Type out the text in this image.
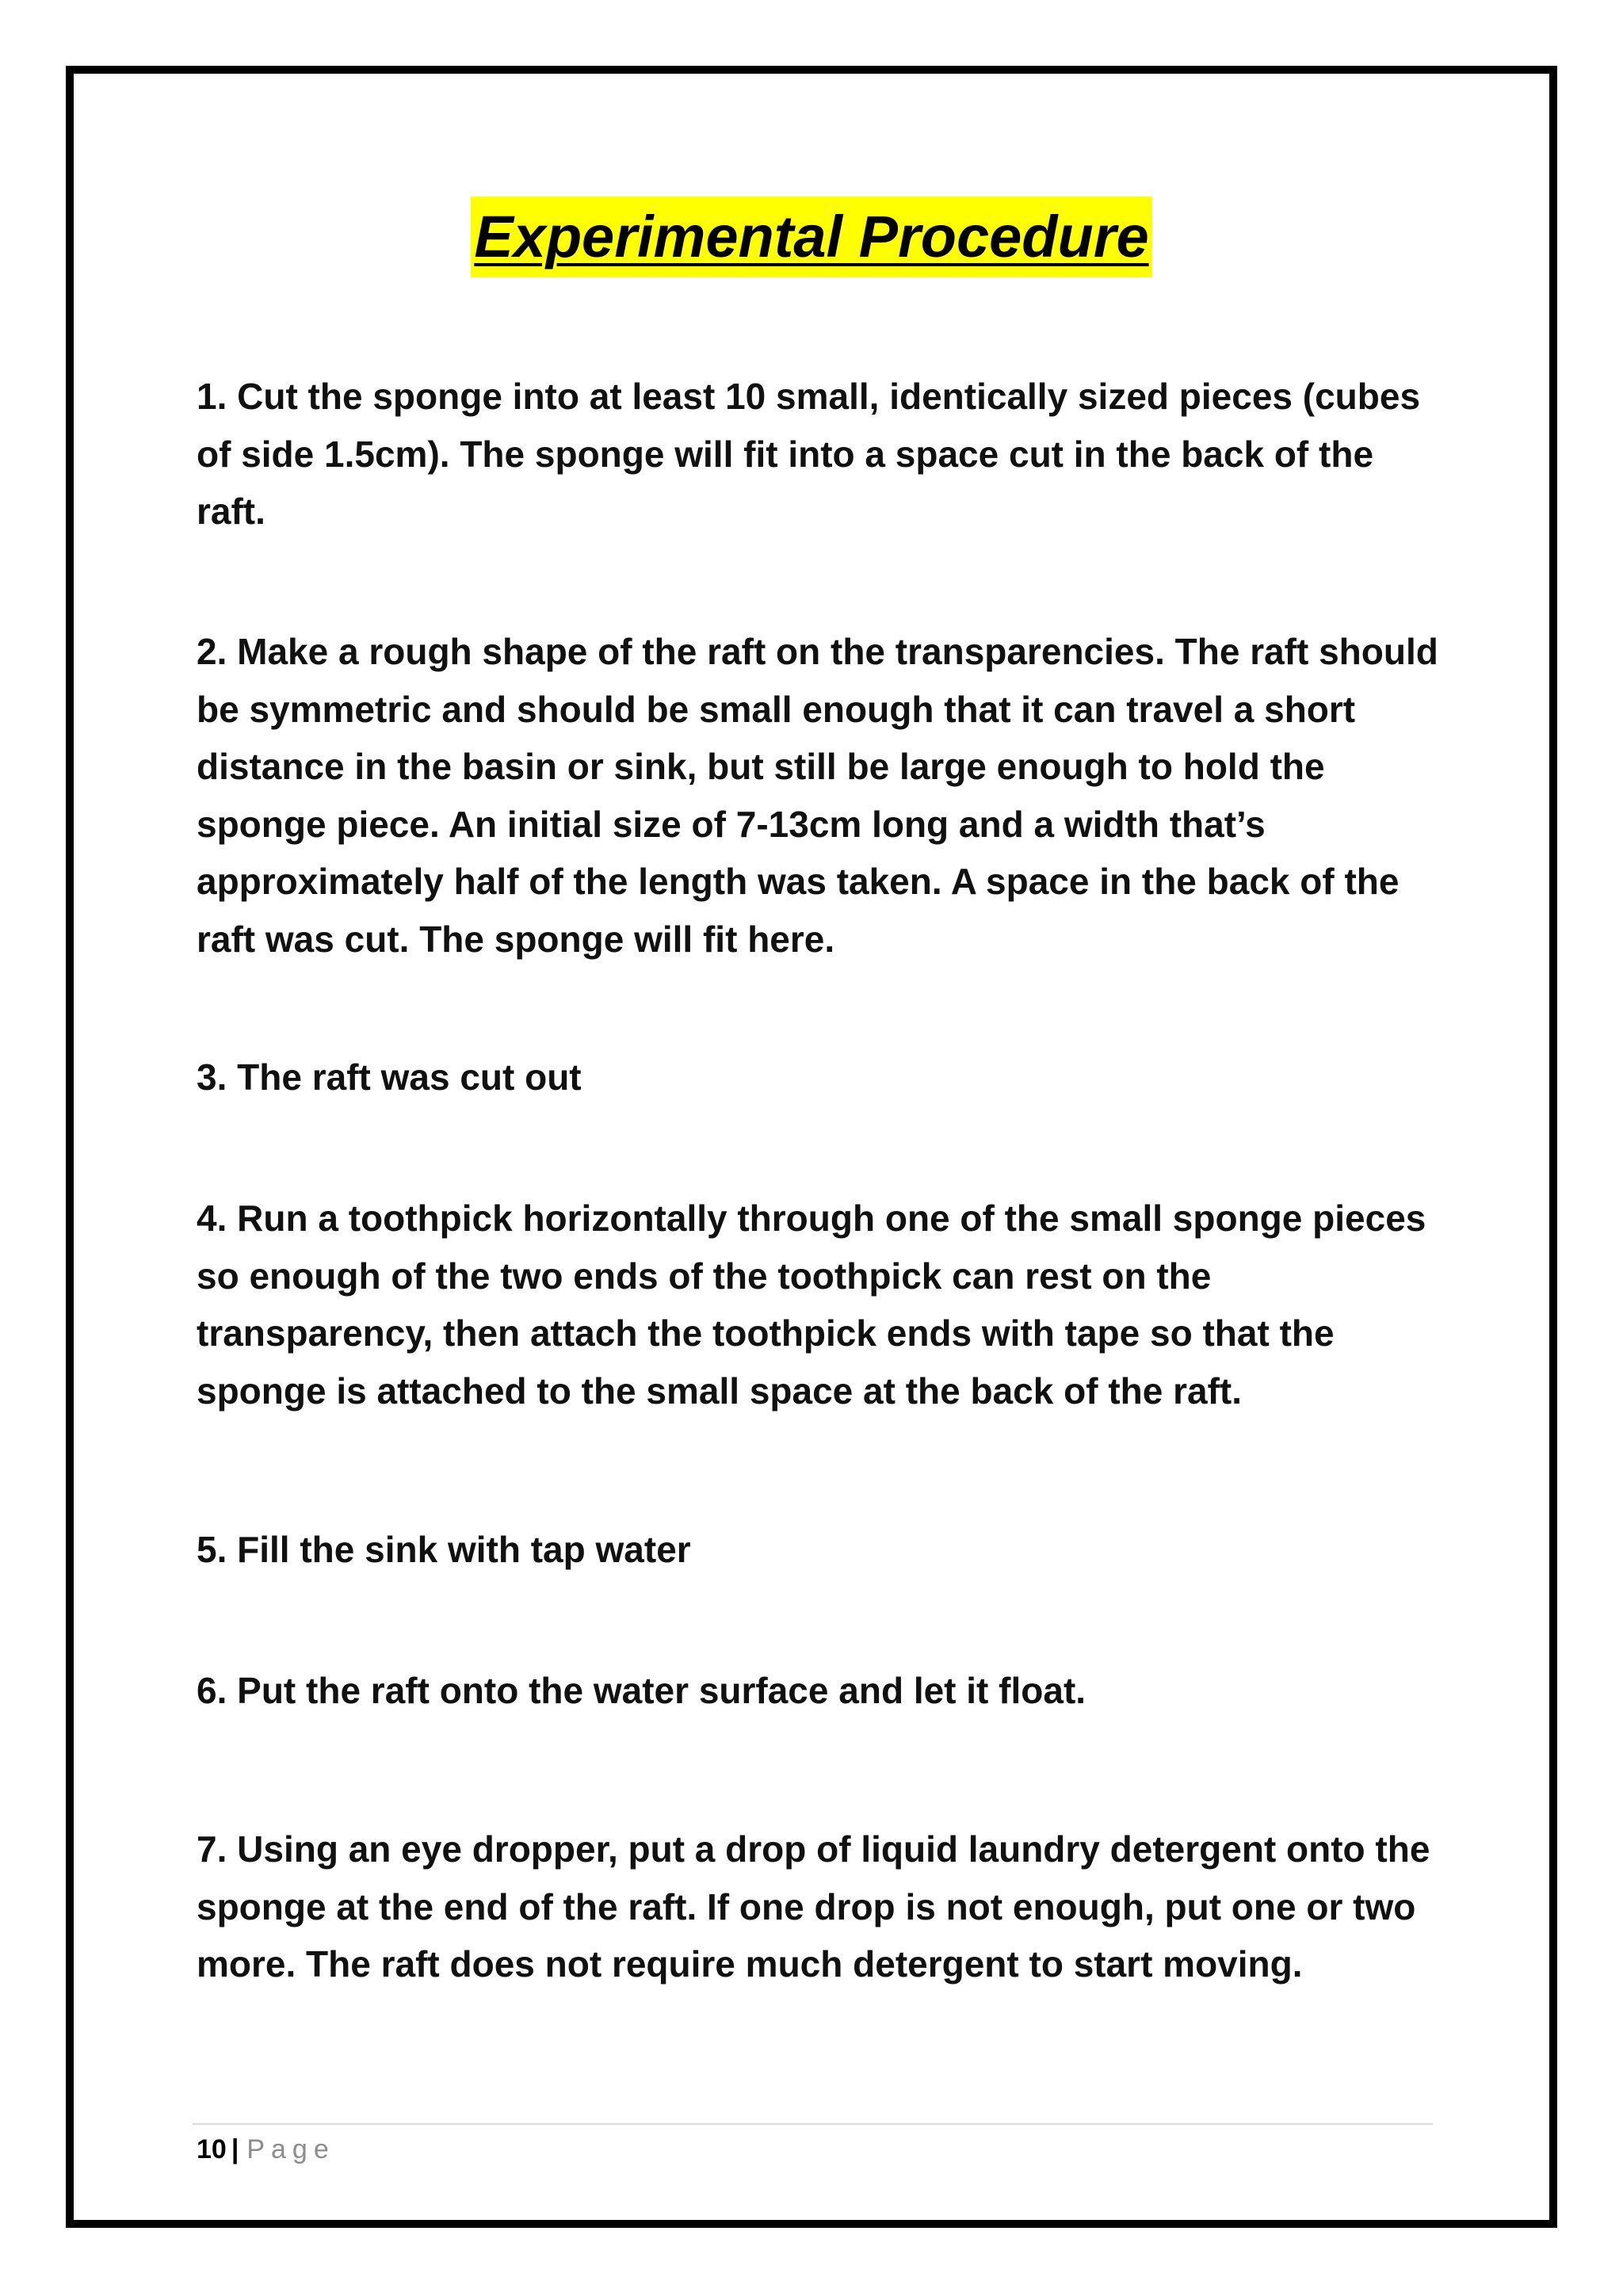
Experimental Procedure

1. Cut the sponge into at least 10 small, identically sized pieces (cubes of side 1.5cm). The sponge will fit into a space cut in the back of the raft.

2. Make a rough shape of the raft on the transparencies. The raft should be symmetric and should be small enough that it can travel a short distance in the basin or sink, but still be large enough to hold the sponge piece. An initial size of 7-13cm long and a width that’s approximately half of the length was taken. A space in the back of the raft was cut. The sponge will fit here.

3. The raft was cut out

4. Run a toothpick horizontally through one of the small sponge pieces so enough of the two ends of the toothpick can rest on the transparency, then attach the toothpick ends with tape so that the sponge is attached to the small space at the back of the raft.

5. Fill the sink with tap water

6. Put the raft onto the water surface and let it float.

7. Using an eye dropper, put a drop of liquid laundry detergent onto the sponge at the end of the raft. If one drop is not enough, put one or two more. The raft does not require much detergent to start moving.

10 | Page
